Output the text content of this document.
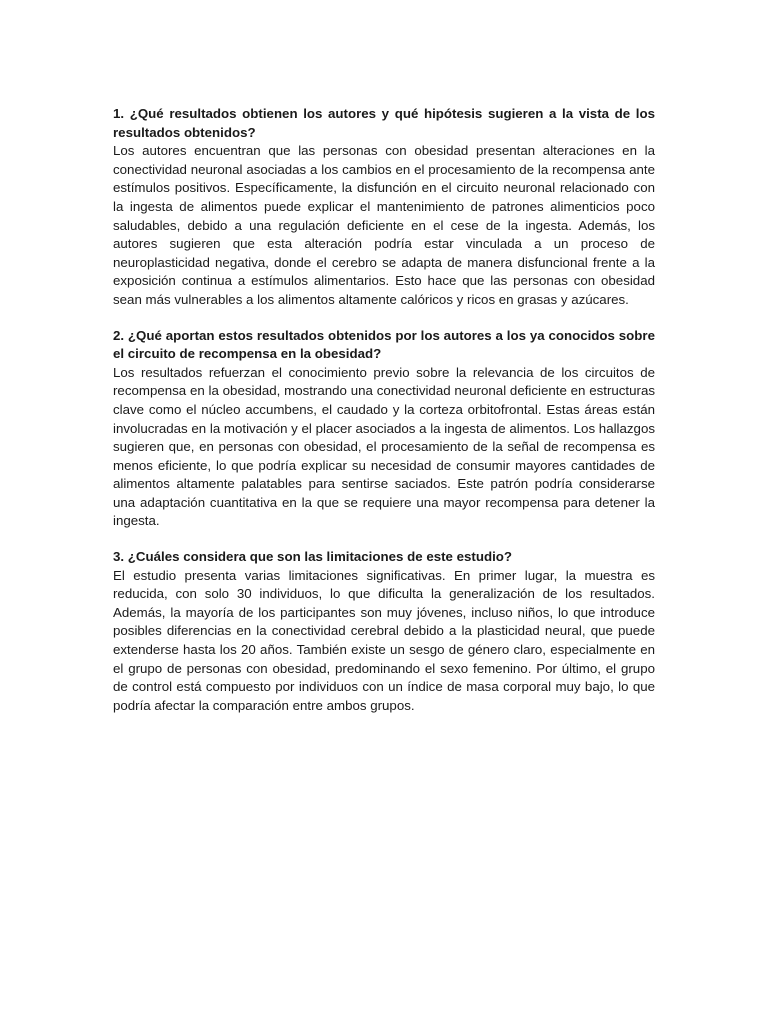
1. ¿Qué resultados obtienen los autores y qué hipótesis sugieren a la vista de los resultados obtenidos?

Los autores encuentran que las personas con obesidad presentan alteraciones en la conectividad neuronal asociadas a los cambios en el procesamiento de la recompensa ante estímulos positivos. Específicamente, la disfunción en el circuito neuronal relacionado con la ingesta de alimentos puede explicar el mantenimiento de patrones alimenticios poco saludables, debido a una regulación deficiente en el cese de la ingesta. Además, los autores sugieren que esta alteración podría estar vinculada a un proceso de neuroplasticidad negativa, donde el cerebro se adapta de manera disfuncional frente a la exposición continua a estímulos alimentarios. Esto hace que las personas con obesidad sean más vulnerables a los alimentos altamente calóricos y ricos en grasas y azúcares.

2. ¿Qué aportan estos resultados obtenidos por los autores a los ya conocidos sobre el circuito de recompensa en la obesidad?

Los resultados refuerzan el conocimiento previo sobre la relevancia de los circuitos de recompensa en la obesidad, mostrando una conectividad neuronal deficiente en estructuras clave como el núcleo accumbens, el caudado y la corteza orbitofrontal. Estas áreas están involucradas en la motivación y el placer asociados a la ingesta de alimentos. Los hallazgos sugieren que, en personas con obesidad, el procesamiento de la señal de recompensa es menos eficiente, lo que podría explicar su necesidad de consumir mayores cantidades de alimentos altamente palatables para sentirse saciados. Este patrón podría considerarse una adaptación cuantitativa en la que se requiere una mayor recompensa para detener la ingesta.

3. ¿Cuáles considera que son las limitaciones de este estudio?

El estudio presenta varias limitaciones significativas. En primer lugar, la muestra es reducida, con solo 30 individuos, lo que dificulta la generalización de los resultados. Además, la mayoría de los participantes son muy jóvenes, incluso niños, lo que introduce posibles diferencias en la conectividad cerebral debido a la plasticidad neural, que puede extenderse hasta los 20 años. También existe un sesgo de género claro, especialmente en el grupo de personas con obesidad, predominando el sexo femenino. Por último, el grupo de control está compuesto por individuos con un índice de masa corporal muy bajo, lo que podría afectar la comparación entre ambos grupos.
